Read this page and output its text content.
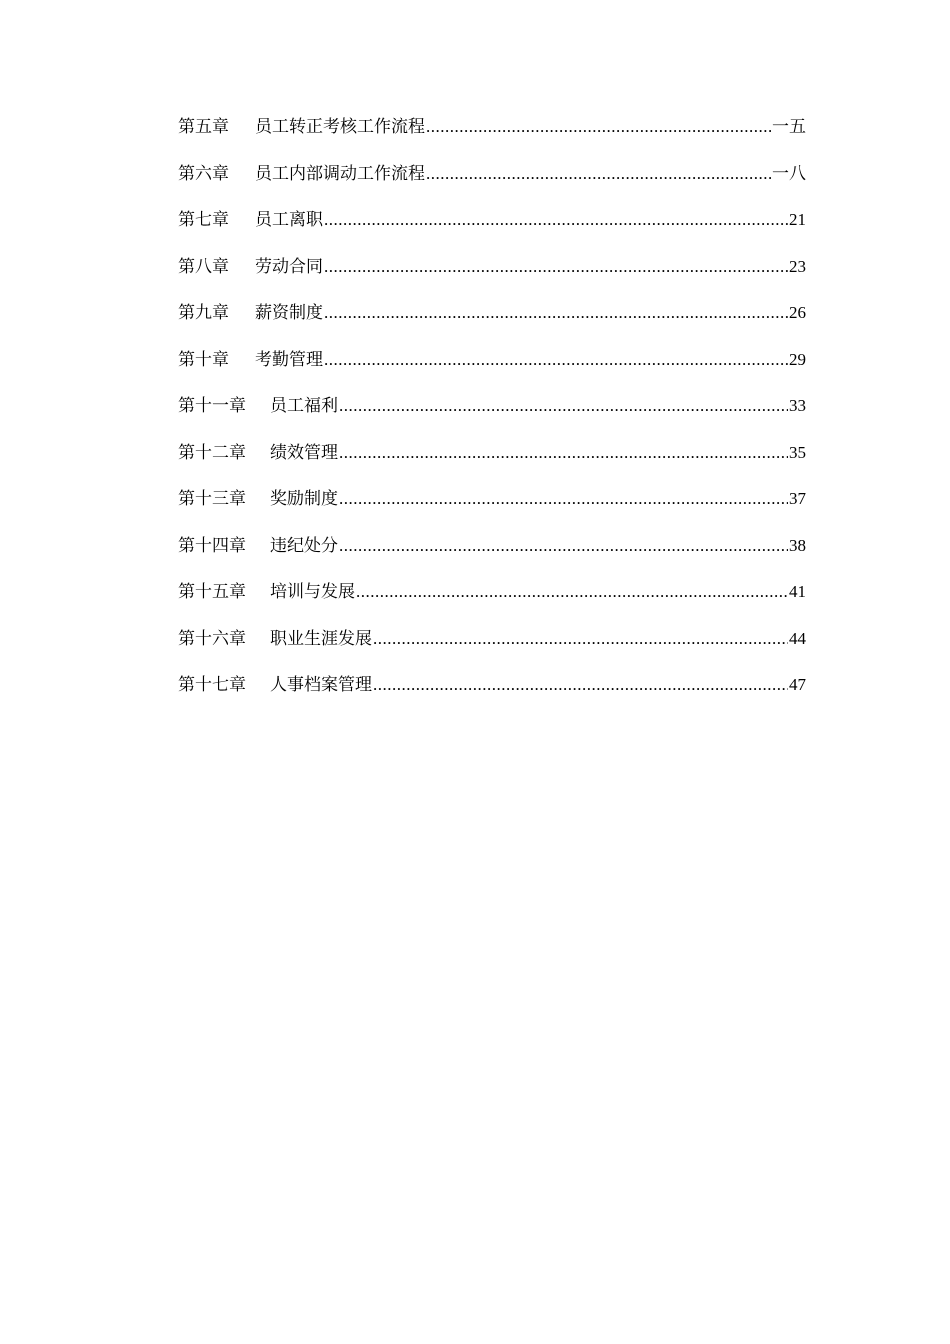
第五章 员工转正考核工作流程 .....	一五
第六章 员工内部调动工作流程 .....	一八
第七章 员工离职 .....	21
第八章 劳动合同 .....	23
第九章 薪资制度 .....	26
第十章 考勤管理 .....	29
第十一章 员工福利 .....	33
第十二章 绩效管理 .....	35
第十三章 奖励制度 .....	37
第十四章 违纪处分 .....	38
第十五章 培训与发展 .....	41
第十六章 职业生涯发展 .....	44
第十七章 人事档案管理 .....	47
